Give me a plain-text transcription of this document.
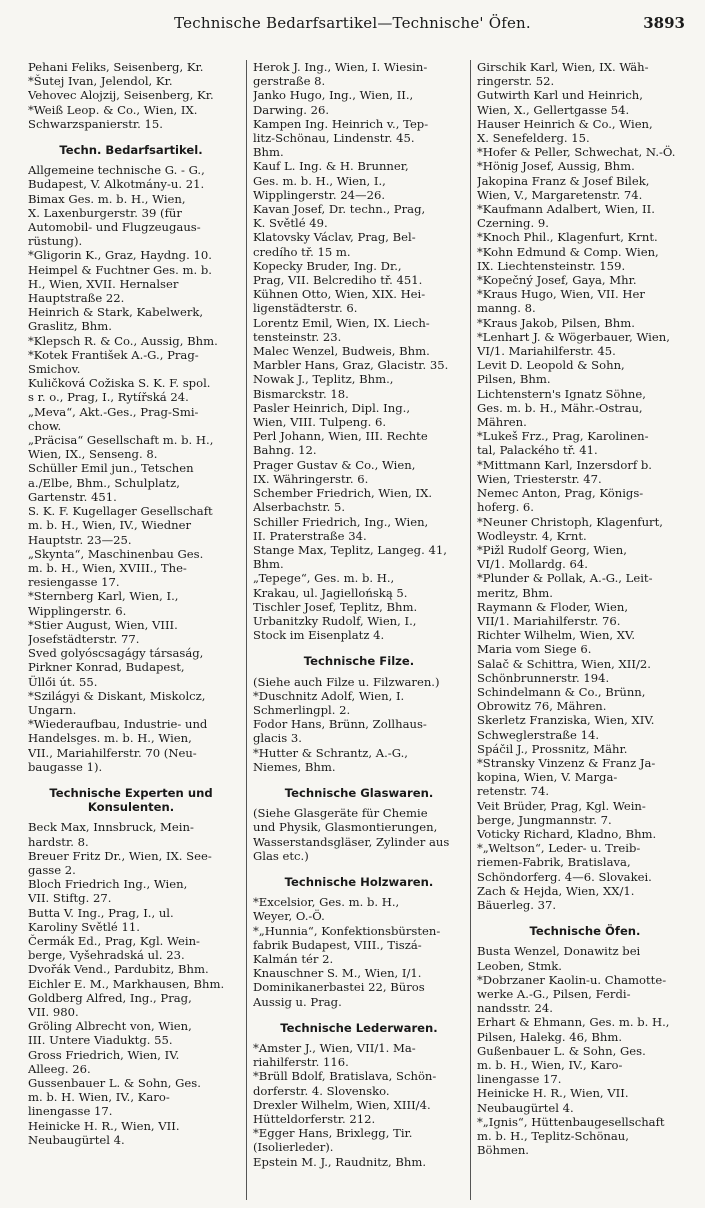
Technische Bedarfsartikel—Technische' Öfen.	3893
Pehani Feliks, Seisenberg, Kr.
*Šutej Ivan, Jelendol, Kr.
Vehovec Alojzij, Seisenberg, Kr.
*Weiß Leop. & Co., Wien, IX.
Schwarzspanierstr. 15.
Techn. Bedarfsartikel.
Allgemeine technische G. - G.,
Budapest, V. Alkotmány-u. 21.
Bimax Ges. m. b. H., Wien,
X. Laxenburgerstr. 39 (für
Automobil- und Flugzeugaus-
rüstung).
*Gligorin K., Graz, Haydng. 10.
Heimpel & Fuchtner Ges. m. b.
H., Wien, XVII. Hernalser
Hauptstraße 22.
Heinrich & Stark, Kabelwerk,
Graslitz, Bhm.
*Klepsch R. & Co., Aussig, Bhm.
*Kotek František A.-G., Prag-
Smichov.
Kuličková Cožiska S. K. F. spol.
s r. o., Prag, I., Rytířská 24.
„Meva“, Akt.-Ges., Prag-Smi-
chow.
„Präcisa“ Gesellschaft m. b. H.,
Wien, IX., Senseng. 8.
Schüller Emil jun., Tetschen
a./Elbe, Bhm., Schulplatz,
Gartenstr. 451.
S. K. F. Kugellager Gesellschaft
m. b. H., Wien, IV., Wiedner
Hauptstr. 23—25.
„Skynta“, Maschinenbau Ges.
m. b. H., Wien, XVIII., The-
resiengasse 17.
*Sternberg Karl, Wien, I.,
Wipplingerstr. 6.
*Stier August, Wien, VIII.
Josefstädterstr. 77.
Sved golyóscsagágy társaság,
Pirkner Konrad, Budapest,
Üllői út. 55.
*Szilágyi & Diskant, Miskolcz,
Ungarn.
*Wiederaufbau, Industrie- und
Handelsges. m. b. H., Wien,
VII., Mariahilferstr. 70 (Neu-
baugasse 1).
Technische Experten und Konsulenten.
Beck Max, Innsbruck, Mein-
hardstr. 8.
Breuer Fritz Dr., Wien, IX. See-
gasse 2.
Bloch Friedrich Ing., Wien,
VII. Stiftg. 27.
Butta V. Ing., Prag, I., ul.
Karoliny Světlé 11.
Čermák Ed., Prag, Kgl. Wein-
berge, Vyšehradská ul. 23.
Dvořák Vend., Pardubitz, Bhm.
Eichler E. M., Markhausen, Bhm.
Goldberg Alfred, Ing., Prag,
VII. 980.
Gröling Albrecht von, Wien,
III. Untere Viaduktg. 55.
Gross Friedrich, Wien, IV.
Alleeg. 26.
Gussenbauer L. & Sohn, Ges.
m. b. H. Wien, IV., Karo-
linengasse 17.
Heinicke H. R., Wien, VII.
Neubaugürtel 4.
Herok J. Ing., Wien, I. Wiesin-
gerstraße 8.
Janko Hugo, Ing., Wien, II.,
Darwing. 26.
Kampen Ing. Heinrich v., Tep-
litz-Schönau, Lindenstr. 45.
Bhm.
Kauf L. Ing. & H. Brunner,
Ges. m. b. H., Wien, I.,
Wipplingerstr. 24—26.
Kavan Josef, Dr. techn., Prag,
K. Světlé 49.
Klatovsky Václav, Prag, Bel-
credího tř. 15 m.
Kopecky Bruder, Ing. Dr.,
Prag, VII. Belcrediho tř. 451.
Kühnen Otto, Wien, XIX. Hei-
ligenstädterstr. 6.
Lorentz Emil, Wien, IX. Liech-
tensteinstr. 23.
Malec Wenzel, Budweis, Bhm.
Marbler Hans, Graz, Glacistr. 35.
Nowak J., Teplitz, Bhm.,
Bismarckstr. 18.
Pasler Heinrich, Dipl. Ing.,
Wien, VIII. Tulpeng. 6.
Perl Johann, Wien, III. Rechte
Bahng. 12.
Prager Gustav & Co., Wien,
IX. Währingerstr. 6.
Schember Friedrich, Wien, IX.
Alserbachstr. 5.
Schiller Friedrich, Ing., Wien,
II. Praterstraße 34.
Stange Max, Teplitz, Langeg. 41,
Bhm.
„Tepege“, Ges. m. b. H.,
Krakau, ul. Jagiellońską 5.
Tischler Josef, Teplitz, Bhm.
Urbanitzky Rudolf, Wien, I.,
Stock im Eisenplatz 4.
Technische Filze.
(Siehe auch Filze u. Filzwaren.)
*Duschnitz Adolf, Wien, I.
Schmerlingpl. 2.
Fodor Hans, Brünn, Zollhaus-
glacis 3.
*Hutter & Schrantz, A.-G.,
Niemes, Bhm.
Technische Glaswaren.
(Siehe Glasgeräte für Chemie
und Physik, Glasmontierungen,
Wasserstandsgläser, Zylinder aus
Glas etc.)
Technische Holzwaren.
*Excelsior, Ges. m. b. H.,
Weyer, O.-Ö.
*„Hunnia“, Konfektionsbürsten-
fabrik Budapest, VIII., Tiszá-
Kalmán tér 2.
Knauschner S. M., Wien, I/1.
Dominikanerbastei 22, Büros
Aussig u. Prag.
Technische Lederwaren.
*Amster J., Wien, VII/1. Ma-
riahilferstr. 116.
*Brüll Bdolf, Bratislava, Schön-
dorferstr. 4. Slovensko.
Drexler Wilhelm, Wien, XIII/4.
Hütteldorferstr. 212.
*Egger Hans, Brixlegg, Tir.
(Isolierleder).
Epstein M. J., Raudnitz, Bhm.
Girschik Karl, Wien, IX. Wäh-
ringerstr. 52.
Gutwirth Karl und Heinrich,
Wien, X., Gellertgasse 54.
Hauser Heinrich & Co., Wien,
X. Senefelderg. 15.
*Hofer & Peller, Schwechat, N.-Ö.
*Hönig Josef, Aussig, Bhm.
Jakopina Franz & Josef Bilek,
Wien, V., Margaretenstr. 74.
*Kaufmann Adalbert, Wien, II.
Czerning. 9.
*Knoch Phil., Klagenfurt, Krnt.
*Kohn Edmund & Comp. Wien,
IX. Liechtensteinstr. 159.
*Kopečný Josef, Gaya, Mhr.
*Kraus Hugo, Wien, VII. Her
manng. 8.
*Kraus Jakob, Pilsen, Bhm.
*Lenhart J. & Wögerbauer, Wien,
VI/1. Mariahilferstr. 45.
Levit D. Leopold & Sohn,
Pilsen, Bhm.
Lichtenstern's Ignatz Söhne,
Ges. m. b. H., Mähr.-Ostrau,
Mähren.
*Lukeš Frz., Prag, Karolinen-
tal, Palackého tř. 41.
*Mittmann Karl, Inzersdorf b.
Wien, Triesterstr. 47.
Nemec Anton, Prag, Königs-
hoferg. 6.
*Neuner Christoph, Klagenfurt,
Wodleystr. 4, Krnt.
*Pižl Rudolf Georg, Wien,
VI/1. Mollardg. 64.
*Plunder & Pollak, A.-G., Leit-
meritz, Bhm.
Raymann & Floder, Wien,
VII/1. Mariahilferstr. 76.
Richter Wilhelm, Wien, XV.
Maria vom Siege 6.
Salač & Schittra, Wien, XII/2.
Schönbrunnerstr. 194.
Schindelmann & Co., Brünn,
Obrowitz 76, Mähren.
Skerletz Franziska, Wien, XIV.
Schweglerstraße 14.
Spáčil J., Prossnitz, Mähr.
*Stransky Vinzenz & Franz Ja-
kopina, Wien, V. Marga-
retenstr. 74.
Veit Brüder, Prag, Kgl. Wein-
berge, Jungmannstr. 7.
Voticky Richard, Kladno, Bhm.
*„Weltson“, Leder- u. Treib-
riemen-Fabrik, Bratislava,
Schöndorferg. 4—6. Slovakei.
Zach & Hejda, Wien, XX/1.
Bäuerleg. 37.
Technische Öfen.
Busta Wenzel, Donawitz bei
Leoben, Stmk.
*Dobrzaner Kaolin-u. Chamotte-
werke A.-G., Pilsen, Ferdi-
nandsstr. 24.
Erhart & Ehmann, Ges. m. b. H.,
Pilsen, Halekg. 46, Bhm.
Gußenbauer L. & Sohn, Ges.
m. b. H., Wien, IV., Karo-
linengasse 17.
Heinicke H. R., Wien, VII.
Neubaugürtel 4.
*„Ignis“, Hüttenbaugesellschaft
m. b. H., Teplitz-Schönau,
Böhmen.
